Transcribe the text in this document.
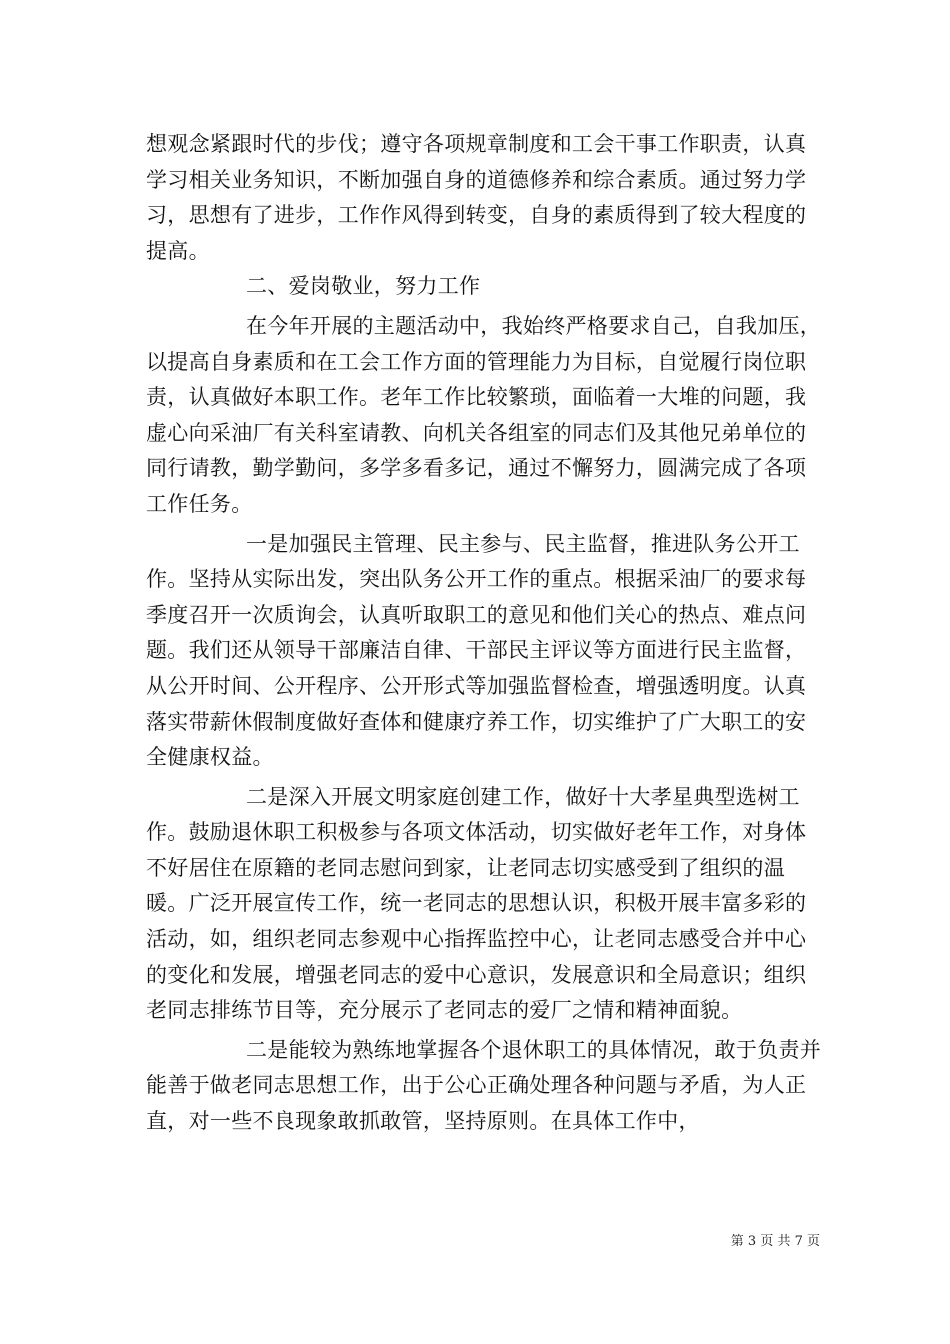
想观念紧跟时代的步伐；遵守各项规章制度和工会干事工作职责，认真学习相关业务知识，不断加强自身的道德修养和综合素质。通过努力学习，思想有了进步，工作作风得到转变，自身的素质得到了较大程度的提高。

二、爱岗敬业，努力工作

在今年开展的主题活动中，我始终严格要求自己，自我加压，以提高自身素质和在工会工作方面的管理能力为目标，自觉履行岗位职责，认真做好本职工作。老年工作比较繁琐，面临着一大堆的问题，我虚心向采油厂有关科室请教、向机关各组室的同志们及其他兄弟单位的同行请教，勤学勤问，多学多看多记，通过不懈努力，圆满完成了各项工作任务。

一是加强民主管理、民主参与、民主监督，推进队务公开工作。坚持从实际出发，突出队务公开工作的重点。根据采油厂的要求每季度召开一次质询会，认真听取职工的意见和他们关心的热点、难点问题。我们还从领导干部廉洁自律、干部民主评议等方面进行民主监督，从公开时间、公开程序、公开形式等加强监督检查，增强透明度。认真落实带薪休假制度做好查体和健康疗养工作，切实维护了广大职工的安全健康权益。

二是深入开展文明家庭创建工作，做好十大孝星典型选树工作。鼓励退休职工积极参与各项文体活动，切实做好老年工作，对身体不好居住在原籍的老同志慰问到家，让老同志切实感受到了组织的温暖。广泛开展宣传工作，统一老同志的思想认识，积极开展丰富多彩的活动，如，组织老同志参观中心指挥监控中心，让老同志感受合并中心的变化和发展，增强老同志的爱中心意识，发展意识和全局意识；组织老同志排练节目等，充分展示了老同志的爱厂之情和精神面貌。

二是能较为熟练地掌握各个退休职工的具体情况，敢于负责并能善于做老同志思想工作，出于公心正确处理各种问题与矛盾，为人正直，对一些不良现象敢抓敢管，坚持原则。在具体工作中，

第 3 页 共 7 页
